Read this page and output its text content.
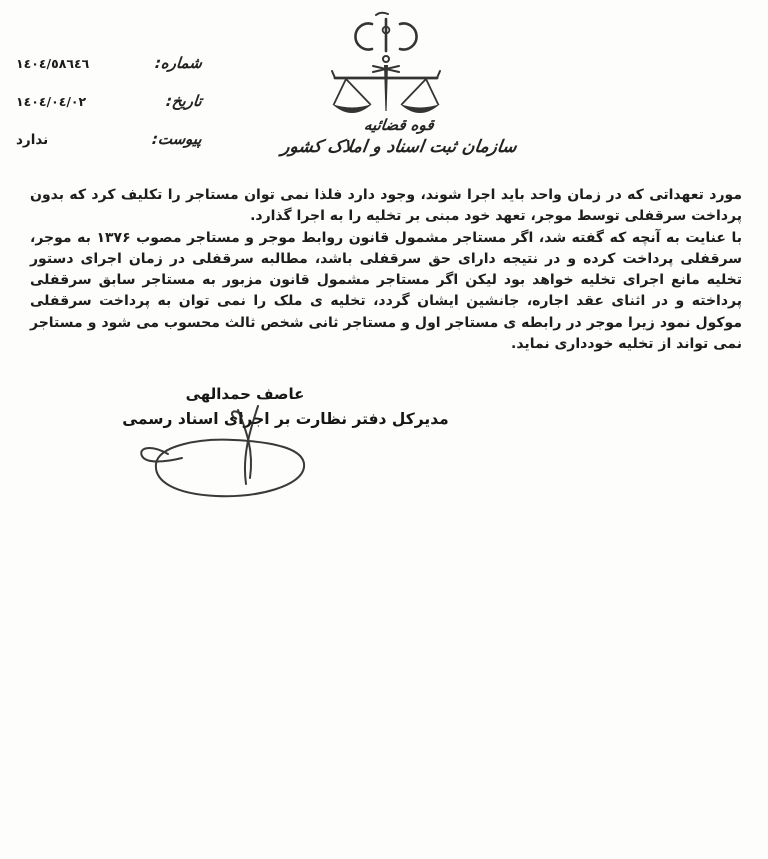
شماره:
١٤٠٤/٥٨٦٤٦
تاریخ:
١٤٠٤/٠٤/٠٢
پیوست:
ندارد
قوه قضائیه
سازمان ثبت اسناد و املاک کشور

مورد تعهداتی که در زمان واحد باید اجرا شوند، وجود دارد فلذا نمی توان مستاجر را تکلیف کرد که بدون پرداخت سرقفلی توسط موجر، تعهد خود مبنی بر تخلیه را به اجرا گذارد.

با عنایت به آنچه که گفته شد، اگر مستاجر مشمول قانون روابط موجر و مستاجر مصوب ۱۳۷۶ به موجر، سرقفلی پرداخت کرده و در نتیجه دارای حق سرقفلی باشد، مطالبه سرقفلی در زمان اجرای دستور تخلیه مانع اجرای تخلیه خواهد بود لیکن اگر مستاجر مشمول قانون مزبور به مستاجر سابق سرقفلی پرداخته و در اثنای عقد اجاره، جانشین ایشان گردد، تخلیه ی ملک را نمی توان به پرداخت سرقفلی موکول نمود زیرا موجر در رابطه ی مستاجر اول و مستاجر ثانی شخص ثالث محسوب می شود و مستاجر نمی تواند از تخلیه خودداری نماید.

عاصف حمدالهی
مدیرکل دفتر نظارت بر اجرای اسناد رسمی
